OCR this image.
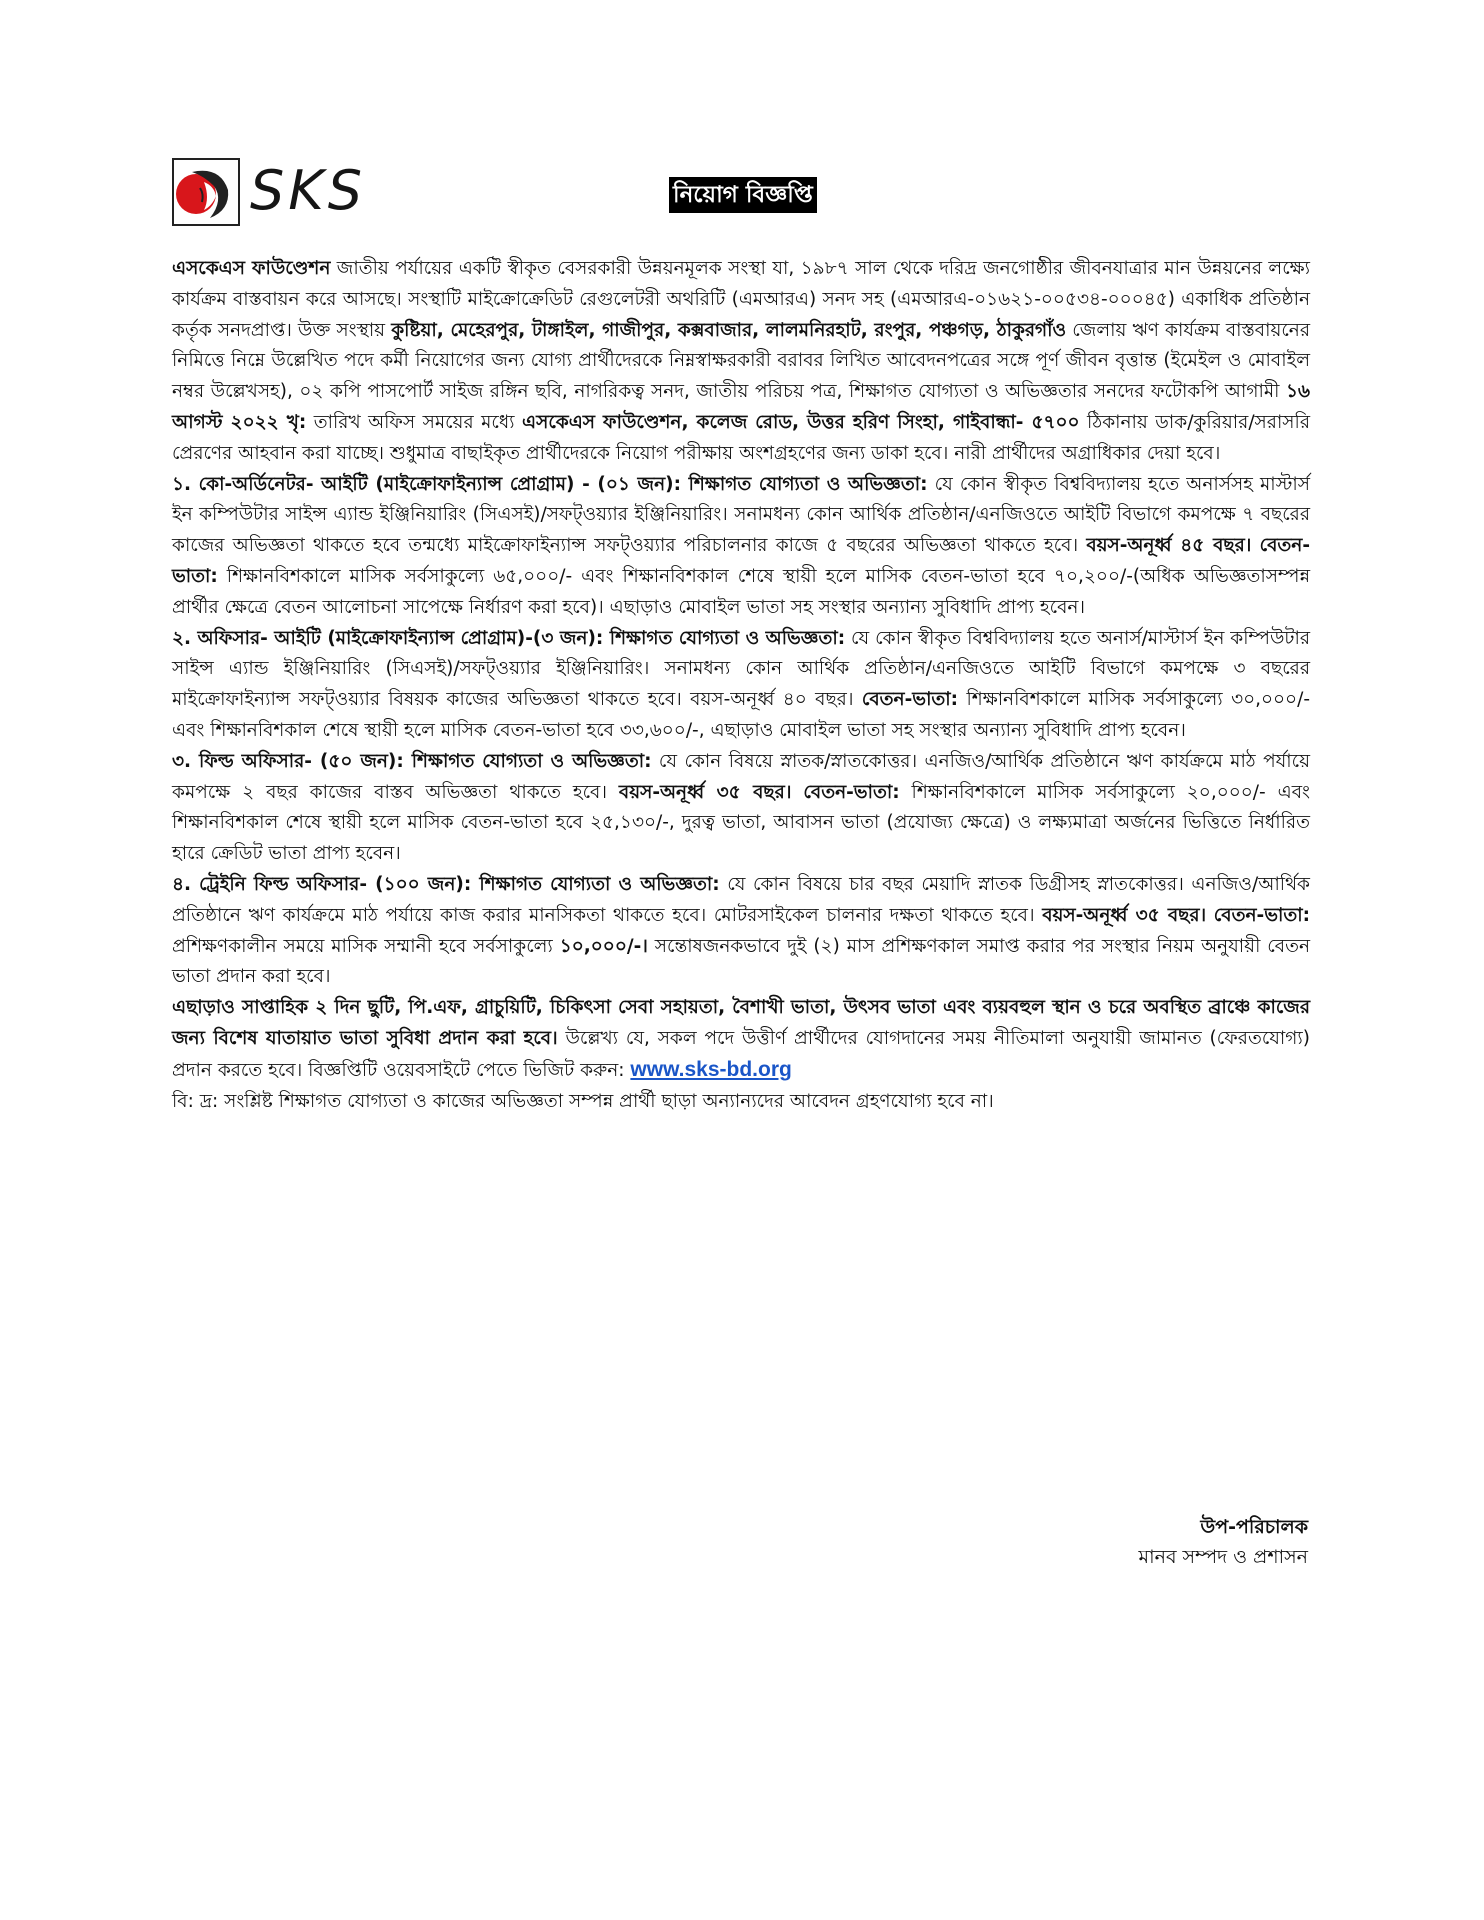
SKS	নিয়োগ বিজ্ঞপ্তি

এসকেএস ফাউণ্ডেশন জাতীয় পর্যায়ের একটি স্বীকৃত বেসরকারী উন্নয়নমূলক সংস্থা যা, ১৯৮৭ সাল থেকে দরিদ্র জনগোষ্ঠীর জীবনযাত্রার মান উন্নয়নের লক্ষ্যে কার্যক্রম বাস্তবায়ন করে আসছে। সংস্থাটি মাইক্রোক্রেডিট রেগুলেটরী অথরিটি (এমআরএ) সনদ সহ (এমআরএ-০১৬২১-০০৫৩৪-০০০৪৫) একাধিক প্রতিষ্ঠান কর্তৃক সনদপ্রাপ্ত। উক্ত সংস্থায় কুষ্টিয়া, মেহেরপুর, টাঙ্গাইল, গাজীপুর, কক্সবাজার, লালমনিরহাট, রংপুর, পঞ্চগড়, ঠাকুরগাঁও জেলায় ঋণ কার্যক্রম বাস্তবায়নের নিমিত্তে নিম্নে উল্লেখিত পদে কর্মী নিয়োগের জন্য যোগ্য প্রার্থীদেরকে নিম্নস্বাক্ষরকারী বরাবর লিখিত আবেদনপত্রের সঙ্গে পূর্ণ জীবন বৃত্তান্ত (ইমেইল ও মোবাইল নম্বর উল্লেখসহ), ০২ কপি পাসপোর্ট সাইজ রঙ্গিন ছবি, নাগরিকত্ব সনদ, জাতীয় পরিচয় পত্র, শিক্ষাগত যোগ্যতা ও অভিজ্ঞতার সনদের ফটোকপি আগামী ১৬ আগস্ট ২০২২ খৃ: তারিখ অফিস সময়ের মধ্যে এসকেএস ফাউণ্ডেশন, কলেজ রোড, উত্তর হরিণ সিংহা, গাইবান্ধা- ৫৭০০ ঠিকানায় ডাক/কুরিয়ার/সরাসরি প্রেরণের আহবান করা যাচ্ছে। শুধুমাত্র বাছাইকৃত প্রার্থীদেরকে নিয়োগ পরীক্ষায় অংশগ্রহণের জন্য ডাকা হবে। নারী প্রার্থীদের অগ্রাধিকার দেয়া হবে।

১. কো-অর্ডিনেটর- আইটি (মাইক্রোফাইন্যান্স প্রোগ্রাম) - (০১ জন): শিক্ষাগত যোগ্যতা ও অভিজ্ঞতা: যে কোন স্বীকৃত বিশ্ববিদ্যালয় হতে অনার্সসহ মাস্টার্স ইন কম্পিউটার সাইন্স এ্যান্ড ইঞ্জিনিয়ারিং (সিএসই)/সফট্ওয়্যার ইঞ্জিনিয়ারিং। সনামধন্য কোন আর্থিক প্রতিষ্ঠান/এনজিওতে আইটি বিভাগে কমপক্ষে ৭ বছরের কাজের অভিজ্ঞতা থাকতে হবে তন্মধ্যে মাইক্রোফাইন্যান্স সফট্ওয়্যার পরিচালনার কাজে ৫ বছরের অভিজ্ঞতা থাকতে হবে। বয়স-অনূর্ধ্ব ৪৫ বছর। বেতন-ভাতা: শিক্ষানবিশকালে মাসিক সর্বসাকুল্যে ৬৫,০০০/- এবং শিক্ষানবিশকাল শেষে স্থায়ী হলে মাসিক বেতন-ভাতা হবে ৭০,২০০/-(অধিক অভিজ্ঞতাসম্পন্ন প্রার্থীর ক্ষেত্রে বেতন আলোচনা সাপেক্ষে নির্ধারণ করা হবে)। এছাড়াও মোবাইল ভাতা সহ সংস্থার অন্যান্য সুবিধাদি প্রাপ্য হবেন।

২. অফিসার- আইটি (মাইক্রোফাইন্যান্স প্রোগ্রাম)-(৩ জন): শিক্ষাগত যোগ্যতা ও অভিজ্ঞতা: যে কোন স্বীকৃত বিশ্ববিদ্যালয় হতে অনার্স/মাস্টার্স ইন কম্পিউটার সাইন্স এ্যান্ড ইঞ্জিনিয়ারিং (সিএসই)/সফট্ওয়্যার ইঞ্জিনিয়ারিং। সনামধন্য কোন আর্থিক প্রতিষ্ঠান/এনজিওতে আইটি বিভাগে কমপক্ষে ৩ বছরের মাইক্রোফাইন্যান্স সফট্ওয়্যার বিষয়ক কাজের অভিজ্ঞতা থাকতে হবে। বয়স-অনূর্ধ্ব ৪০ বছর। বেতন-ভাতা: শিক্ষানবিশকালে মাসিক সর্বসাকুল্যে ৩০,০০০/- এবং শিক্ষানবিশকাল শেষে স্থায়ী হলে মাসিক বেতন-ভাতা হবে ৩৩,৬০০/-, এছাড়াও মোবাইল ভাতা সহ সংস্থার অন্যান্য সুবিধাদি প্রাপ্য হবেন।

৩. ফিল্ড অফিসার- (৫০ জন): শিক্ষাগত যোগ্যতা ও অভিজ্ঞতা: যে কোন বিষয়ে স্নাতক/স্নাতকোত্তর। এনজিও/আর্থিক প্রতিষ্ঠানে ঋণ কার্যক্রমে মাঠ পর্যায়ে কমপক্ষে ২ বছর কাজের বাস্তব অভিজ্ঞতা থাকতে হবে। বয়স-অনূর্ধ্ব ৩৫ বছর। বেতন-ভাতা: শিক্ষানবিশকালে মাসিক সর্বসাকুল্যে ২০,০০০/- এবং শিক্ষানবিশকাল শেষে স্থায়ী হলে মাসিক বেতন-ভাতা হবে ২৫,১৩০/-, দুরত্ব ভাতা, আবাসন ভাতা (প্রযোজ্য ক্ষেত্রে) ও লক্ষ্যমাত্রা অর্জনের ভিত্তিতে নির্ধারিত হারে ক্রেডিট ভাতা প্রাপ্য হবেন।

৪. ট্রেইনি ফিল্ড অফিসার- (১০০ জন): শিক্ষাগত যোগ্যতা ও অভিজ্ঞতা: যে কোন বিষয়ে চার বছর মেয়াদি স্নাতক ডিগ্রীসহ স্নাতকোত্তর। এনজিও/আর্থিক প্রতিষ্ঠানে ঋণ কার্যক্রমে মাঠ পর্যায়ে কাজ করার মানসিকতা থাকতে হবে। মোটরসাইকেল চালনার দক্ষতা থাকতে হবে। বয়স-অনূর্ধ্ব ৩৫ বছর। বেতন-ভাতা: প্রশিক্ষণকালীন সময়ে মাসিক সম্মানী হবে সর্বসাকুল্যে ১০,০০০/-। সন্তোষজনকভাবে দুই (২) মাস প্রশিক্ষণকাল সমাপ্ত করার পর সংস্থার নিয়ম অনুযায়ী বেতন ভাতা প্রদান করা হবে।

এছাড়াও সাপ্তাহিক ২ দিন ছুটি, পি.এফ, গ্রাচুয়িটি, চিকিৎসা সেবা সহায়তা, বৈশাখী ভাতা, উৎসব ভাতা এবং ব্যয়বহুল স্থান ও চরে অবস্থিত ব্রাঞ্চে কাজের জন্য বিশেষ যাতায়াত ভাতা সুবিধা প্রদান করা হবে। উল্লেখ্য যে, সকল পদে উত্তীর্ণ প্রার্থীদের যোগদানের সময় নীতিমালা অনুযায়ী জামানত (ফেরতযোগ্য) প্রদান করতে হবে। বিজ্ঞপ্তিটি ওয়েবসাইটে পেতে ভিজিট করুন: www.sks-bd.org

বি: দ্র: সংশ্লিষ্ট শিক্ষাগত যোগ্যতা ও কাজের অভিজ্ঞতা সম্পন্ন প্রার্থী ছাড়া অন্যান্যদের আবেদন গ্রহণযোগ্য হবে না।

উপ-পরিচালক
মানব সম্পদ ও প্রশাসন
